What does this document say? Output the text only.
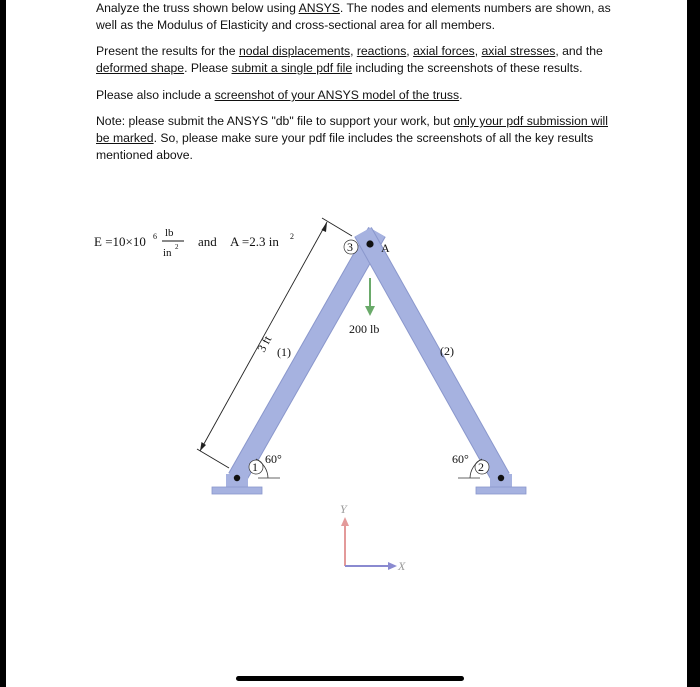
Analyze the truss shown below using ANSYS. The nodes and elements numbers are shown, as well as the Modulus of Elasticity and cross-sectional area for all members.

Present the results for the nodal displacements, reactions, axial forces, axial stresses, and the deformed shape. Please submit a single pdf file including the screenshots of these results.

Please also include a screenshot of your ANSYS model of the truss.

Note: please submit the ANSYS "db" file to support your work, but only your pdf submission will be marked. So, please make sure your pdf file includes the screenshots of all the key results mentioned above.

E =10×10 6 lb
in 2 and A =2.3 in 2
3 ft
3 A
1	2
200 lb
(1)	(2)
60°	60°
Y
X
